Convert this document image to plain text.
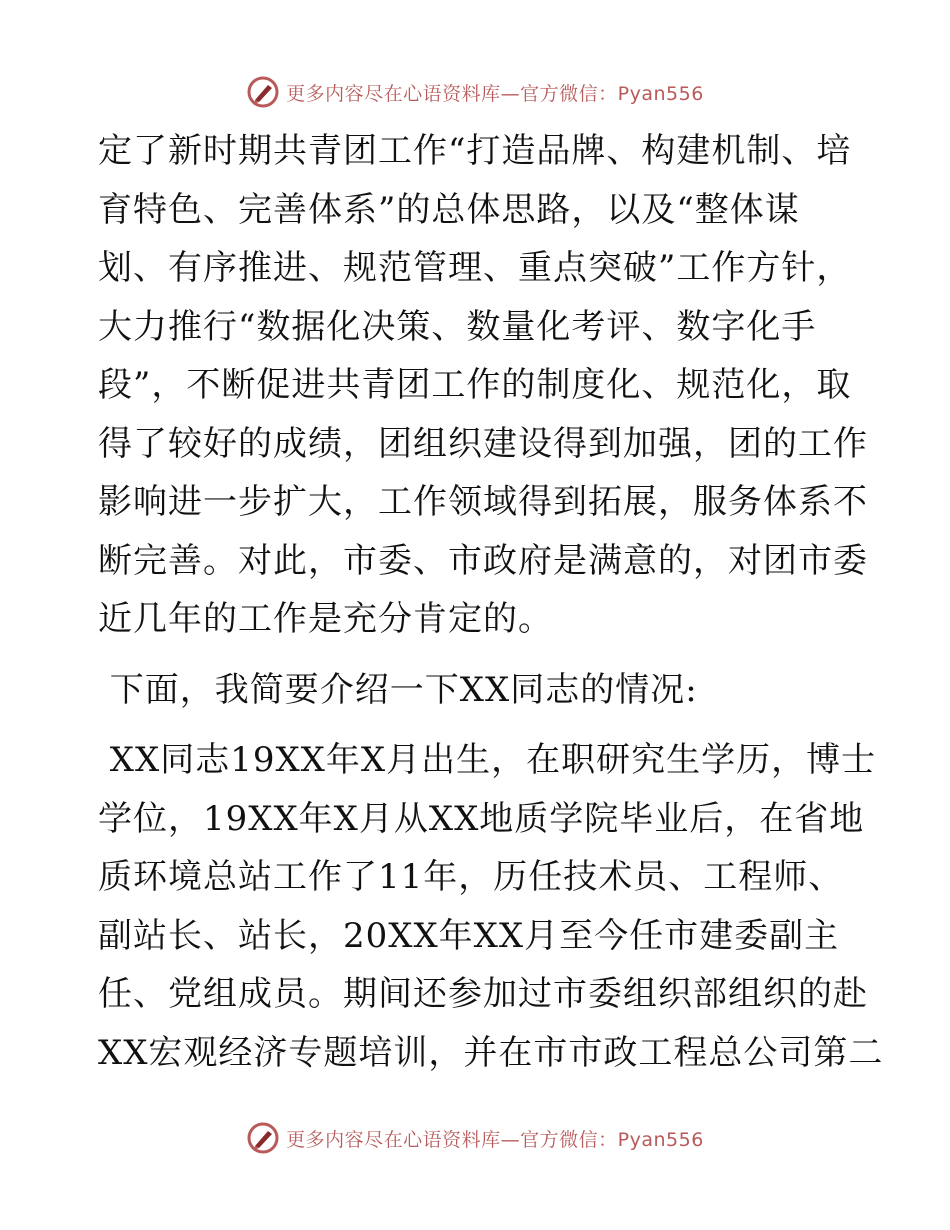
更多内容尽在心语资料库—官方微信：Pyan556

定了新时期共青团工作“打造品牌、构建机制、培
育特色、完善体系”的总体思路，以及“整体谋
划、有序推进、规范管理、重点突破”工作方针，
大力推行“数据化决策、数量化考评、数字化手
段”，不断促进共青团工作的制度化、规范化，取
得了较好的成绩，团组织建设得到加强，团的工作
影响进一步扩大，工作领域得到拓展，服务体系不
断完善。对此，市委、市政府是满意的，对团市委
近几年的工作是充分肯定的。

下面，我简要介绍一下XX同志的情况:

XX同志19XX年X月出生，在职研究生学历，博士
学位，19XX年X月从XX地质学院毕业后，在省地
质环境总站工作了11年，历任技术员、工程师、
副站长、站长，20XX年XX月至今任市建委副主
任、党组成员。期间还参加过市委组织部组织的赴
XX宏观经济专题培训，并在市市政工程总公司第二

更多内容尽在心语资料库—官方微信：Pyan556
